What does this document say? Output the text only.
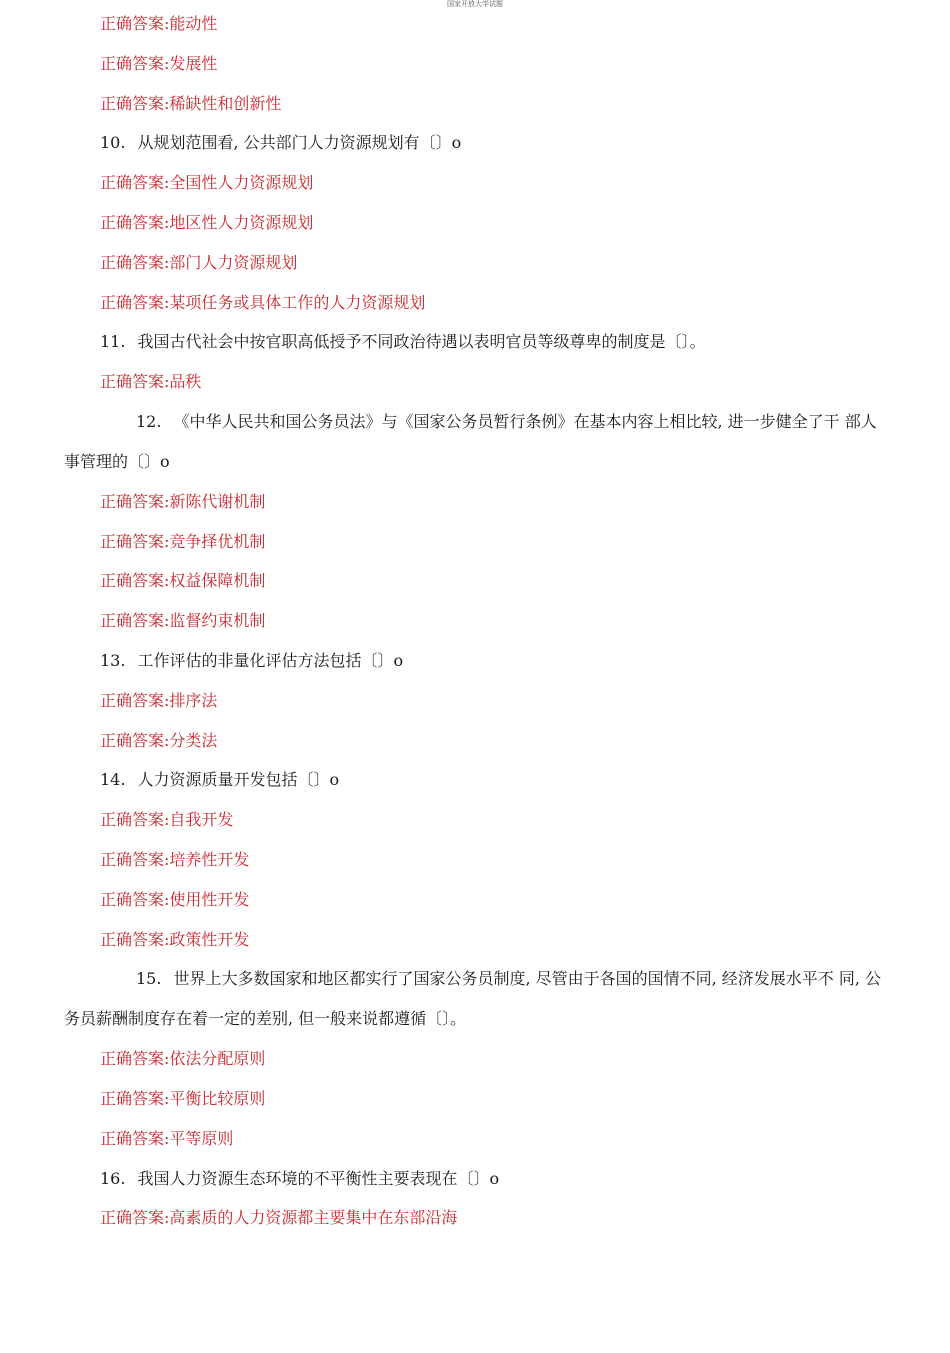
国家开放大学试题
正确答案:能动性
正确答案:发展性
正确答案:稀缺性和创新性
10. 从规划范围看, 公共部门人力资源规划有〔〕o
正确答案:全国性人力资源规划
正确答案:地区性人力资源规划
正确答案:部门人力资源规划
正确答案:某项任务或具体工作的人力资源规划
11. 我国古代社会中按官职高低授予不同政治待遇以表明官员等级尊卑的制度是〔〕。
正确答案:品秩
12. 《中华人民共和国公务员法》与《国家公务员暂行条例》在基本内容上相比较, 进一步健全了干 部人事管理的〔〕o
正确答案:新陈代谢机制
正确答案:竞争择优机制
正确答案:权益保障机制
正确答案:监督约束机制
13. 工作评估的非量化评估方法包括〔〕o
正确答案:排序法
正确答案:分类法
14. 人力资源质量开发包括〔〕o
正确答案:自我开发
正确答案:培养性开发
正确答案:使用性开发
正确答案:政策性开发
15. 世界上大多数国家和地区都实行了国家公务员制度, 尽管由于各国的国情不同, 经济发展水平不 同, 公务员薪酬制度存在着一定的差别, 但一般来说都遵循〔〕。
正确答案:依法分配原则
正确答案:平衡比较原则
正确答案:平等原则
16. 我国人力资源生态环境的不平衡性主要表现在〔〕o
正确答案:高素质的人力资源都主要集中在东部沿海
